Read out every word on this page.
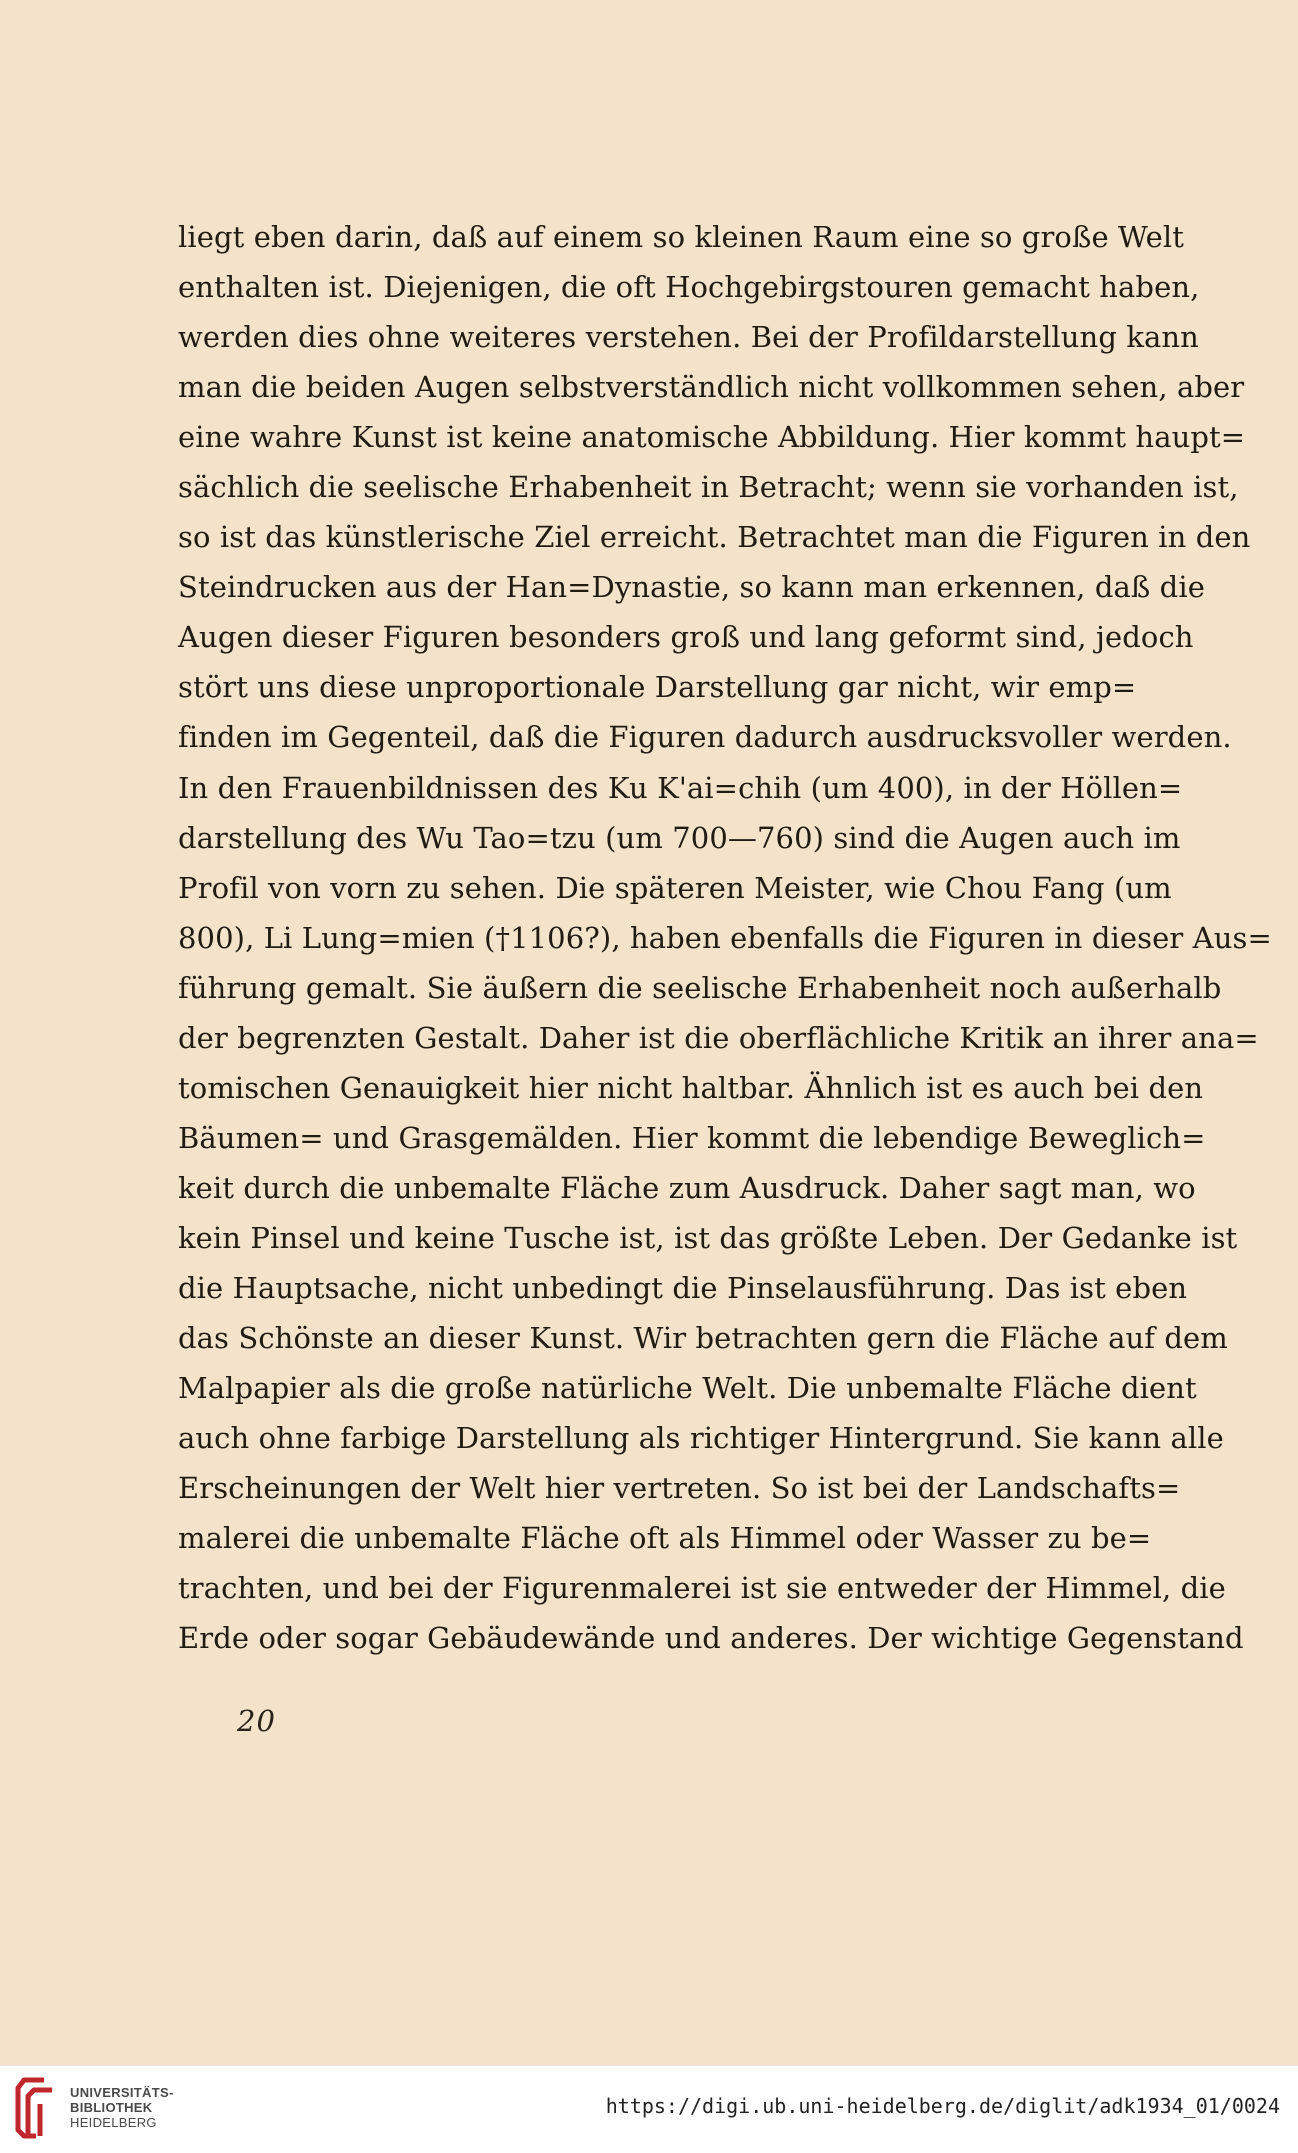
liegt eben darin, daß auf einem so kleinen Raum eine so große Welt
enthalten ist. Diejenigen, die oft Hochgebirgstouren gemacht haben,
werden dies ohne weiteres verstehen. Bei der Profildarstellung kann
man die beiden Augen selbstverständlich nicht vollkommen sehen, aber
eine wahre Kunst ist keine anatomische Abbildung. Hier kommt haupt=
sächlich die seelische Erhabenheit in Betracht; wenn sie vorhanden ist,
so ist das künstlerische Ziel erreicht. Betrachtet man die Figuren in den
Steindrucken aus der Han=Dynastie, so kann man erkennen, daß die
Augen dieser Figuren besonders groß und lang geformt sind, jedoch
stört uns diese unproportionale Darstellung gar nicht, wir emp=
finden im Gegenteil, daß die Figuren dadurch ausdrucksvoller werden.
In den Frauenbildnissen des Ku K'ai=chih (um 400), in der Höllen=
darstellung des Wu Tao=tzu (um 700—760) sind die Augen auch im
Profil von vorn zu sehen. Die späteren Meister, wie Chou Fang (um
800), Li Lung=mien (†1106?), haben ebenfalls die Figuren in dieser Aus=
führung gemalt. Sie äußern die seelische Erhabenheit noch außerhalb
der begrenzten Gestalt. Daher ist die oberflächliche Kritik an ihrer ana=
tomischen Genauigkeit hier nicht haltbar. Ähnlich ist es auch bei den
Bäumen= und Grasgemälden. Hier kommt die lebendige Beweglich=
keit durch die unbemalte Fläche zum Ausdruck. Daher sagt man, wo
kein Pinsel und keine Tusche ist, ist das größte Leben. Der Gedanke ist
die Hauptsache, nicht unbedingt die Pinselausführung. Das ist eben
das Schönste an dieser Kunst. Wir betrachten gern die Fläche auf dem
Malpapier als die große natürliche Welt. Die unbemalte Fläche dient
auch ohne farbige Darstellung als richtiger Hintergrund. Sie kann alle
Erscheinungen der Welt hier vertreten. So ist bei der Landschafts=
malerei die unbemalte Fläche oft als Himmel oder Wasser zu be=
trachten, und bei der Figurenmalerei ist sie entweder der Himmel, die
Erde oder sogar Gebäudewände und anderes. Der wichtige Gegenstand
20
UNIVERSITÄTS-
BIBLIOTHEK
HEIDELBERG
https://digi.ub.uni-heidelberg.de/diglit/adk1934_01/0024
